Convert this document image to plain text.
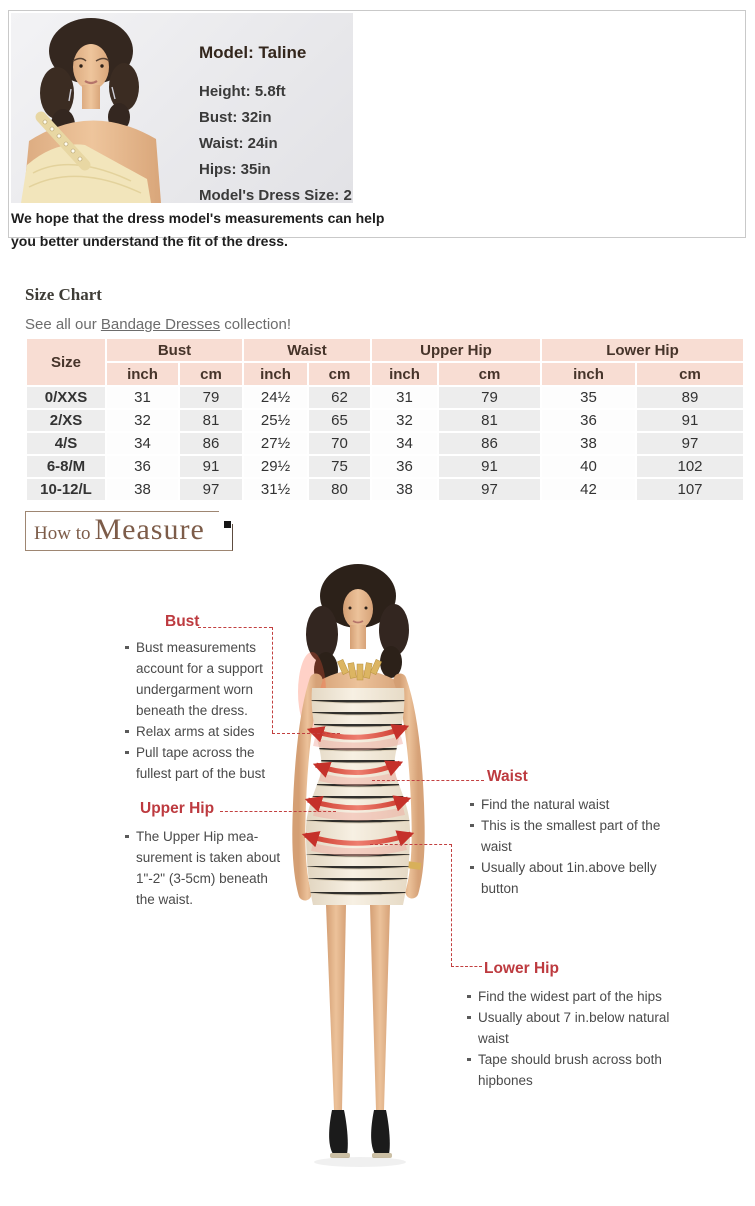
Model: Taline
Height: 5.8ft
Bust: 32in
Waist: 24in
Hips: 35in
Model's Dress Size: 2
We hope that the dress model's measurements can help you better understand the fit of the dress.
Size Chart
See all our Bandage Dresses collection!
Size	Bust		Waist		Upper Hip		Lower Hip	
	inch	cm	inch	cm	inch	cm	inch	cm
0/XXS	31	79	24½	62	31	79	35	89
2/XS	32	81	25½	65	32	81	36	91
4/S	34	86	27½	70	34	86	38	97
6-8/M	36	91	29½	75	36	91	40	102
10-12/L	38	97	31½	80	38	97	42	107
How to Measure
Bust
Bust measurements account for a support undergarment worn beneath the dress.
Relax arms at sides
Pull tape across the fullest part of the bust
Upper Hip
The Upper Hip mea-surement is taken about 1"-2" (3-5cm) beneath the waist.
Waist
Find the natural waist
This is the smallest part of the waist
Usually about 1in.above belly button
Lower Hip
Find the widest part of the hips
Usually about 7 in.below natural waist
Tape should brush across both hipbones
